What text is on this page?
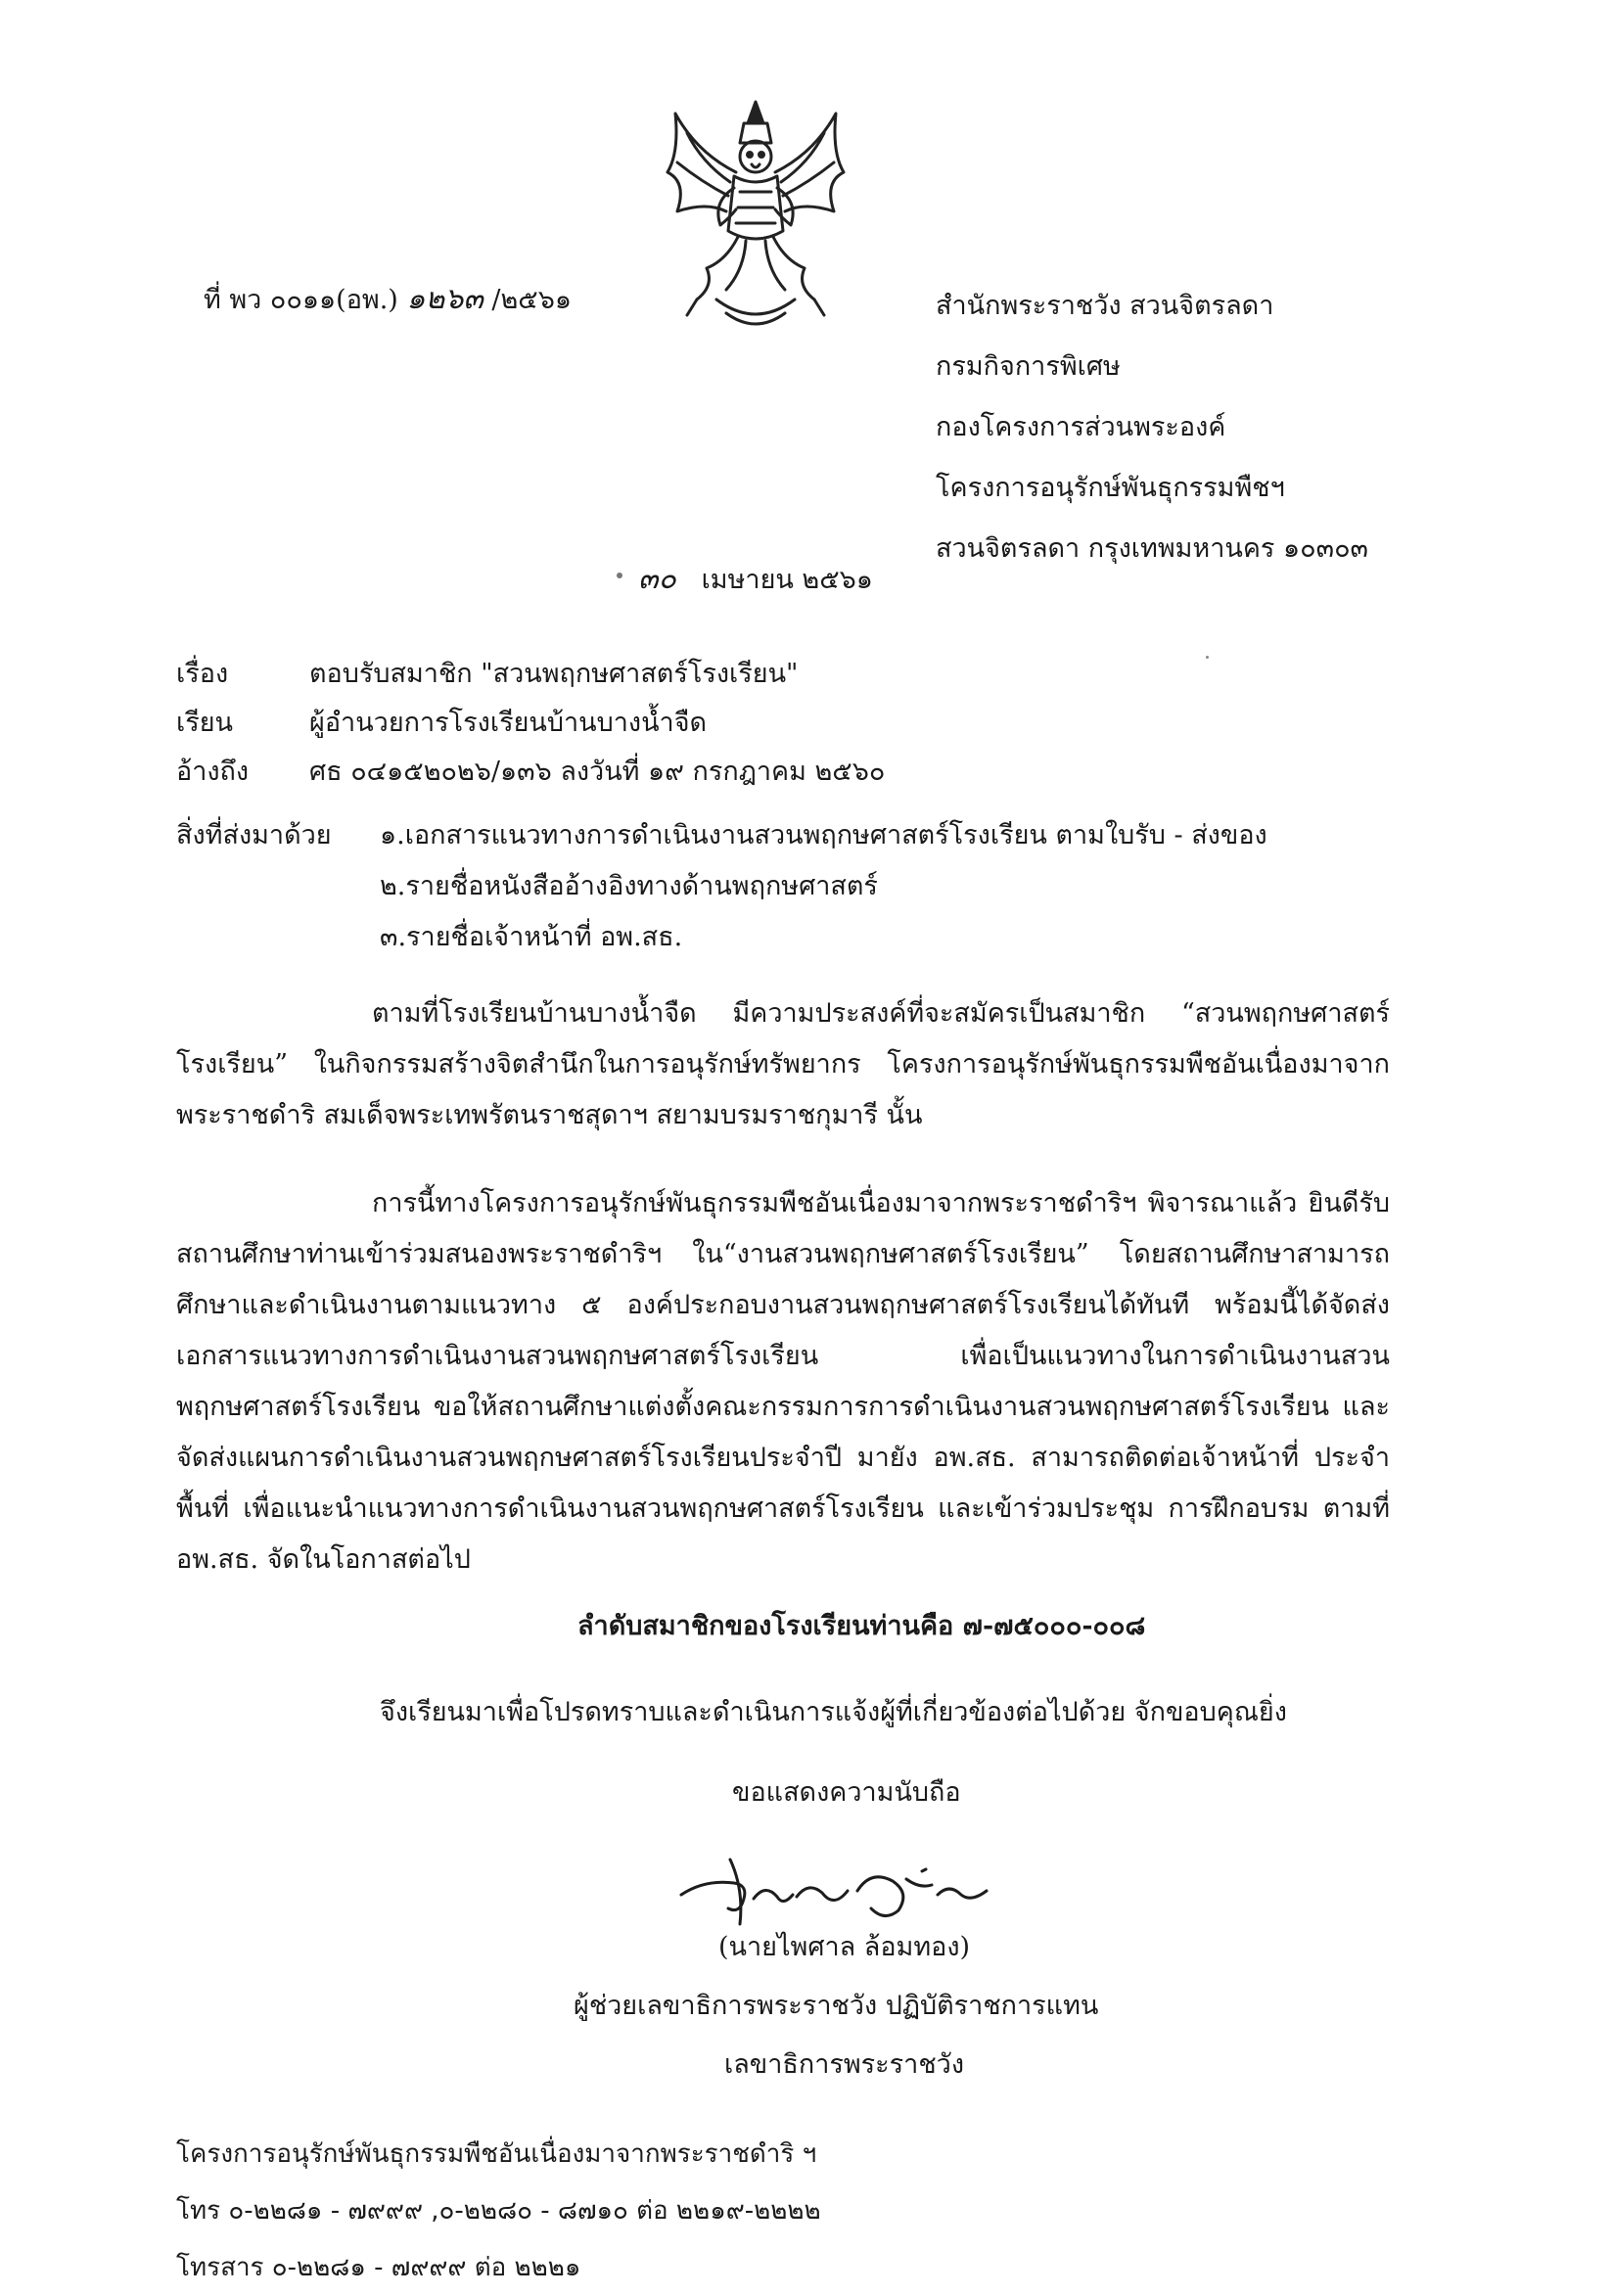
ที่ พว ๐๐๑๑(อพ.) ๑๒๖๓ /๒๕๖๑	สำนักพระราชวัง สวนจิตรลดา
กรมกิจการพิเศษ
กองโครงการส่วนพระองค์
โครงการอนุรักษ์พันธุกรรมพืชฯ
สวนจิตรลดา กรุงเทพมหานคร ๑๐๓๐๓
๓๐ เมษายน ๒๕๖๑
เรื่อง	ตอบรับสมาชิก "สวนพฤกษศาสตร์โรงเรียน"
เรียน	ผู้อำนวยการโรงเรียนบ้านบางน้ำจืด
อ้างถึง	ศธ ๐๔๑๕๒๐๒๖/๑๓๖ ลงวันที่ ๑๙ กรกฎาคม ๒๕๖๐
สิ่งที่ส่งมาด้วย	๑.เอกสารแนวทางการดำเนินงานสวนพฤกษศาสตร์โรงเรียน ตามใบรับ - ส่งของ
๒.รายชื่อหนังสืออ้างอิงทางด้านพฤกษศาสตร์
๓.รายชื่อเจ้าหน้าที่ อพ.สธ.
ตามที่โรงเรียนบ้านบางน้ำจืด มีความประสงค์ที่จะสมัครเป็นสมาชิก “สวนพฤกษศาสตร์โรงเรียน” ในกิจกรรมสร้างจิตสำนึกในการอนุรักษ์ทรัพยากร โครงการอนุรักษ์พันธุกรรมพืชอันเนื่องมาจากพระราชดำริ สมเด็จพระเทพรัตนราชสุดาฯ สยามบรมราชกุมารี นั้น
การนี้ทางโครงการอนุรักษ์พันธุกรรมพืชอันเนื่องมาจากพระราชดำริฯ พิจารณาแล้ว ยินดีรับสถานศึกษาท่านเข้าร่วมสนองพระราชดำริฯ ใน“งานสวนพฤกษศาสตร์โรงเรียน” โดยสถานศึกษาสามารถศึกษาและดำเนินงานตามแนวทาง ๕ องค์ประกอบงานสวนพฤกษศาสตร์โรงเรียนได้ทันที พร้อมนี้ได้จัดส่งเอกสารแนวทางการดำเนินงานสวนพฤกษศาสตร์โรงเรียน เพื่อเป็นแนวทางในการดำเนินงานสวนพฤกษศาสตร์โรงเรียน ขอให้สถานศึกษาแต่งตั้งคณะกรรมการการดำเนินงานสวนพฤกษศาสตร์โรงเรียน และจัดส่งแผนการดำเนินงานสวนพฤกษศาสตร์โรงเรียนประจำปี มายัง อพ.สธ. สามารถติดต่อเจ้าหน้าที่ ประจำพื้นที่ เพื่อแนะนำแนวทางการดำเนินงานสวนพฤกษศาสตร์โรงเรียน และเข้าร่วมประชุม การฝึกอบรม ตามที่ อพ.สธ. จัดในโอกาสต่อไป
ลำดับสมาชิกของโรงเรียนท่านคือ ๗-๗๕๐๐๐-๐๐๘
จึงเรียนมาเพื่อโปรดทราบและดำเนินการแจ้งผู้ที่เกี่ยวข้องต่อไปด้วย จักขอบคุณยิ่ง
ขอแสดงความนับถือ
(นายไพศาล ล้อมทอง)
ผู้ช่วยเลขาธิการพระราชวัง ปฏิบัติราชการแทน
เลขาธิการพระราชวัง
โครงการอนุรักษ์พันธุกรรมพืชอันเนื่องมาจากพระราชดำริ ฯ
โทร ๐-๒๒๘๑ - ๗๙๙๙ ,๐-๒๒๘๐ - ๘๗๑๐ ต่อ ๒๒๑๙-๒๒๒๒
โทรสาร ๐-๒๒๘๑ - ๗๙๙๙ ต่อ ๒๒๒๑
